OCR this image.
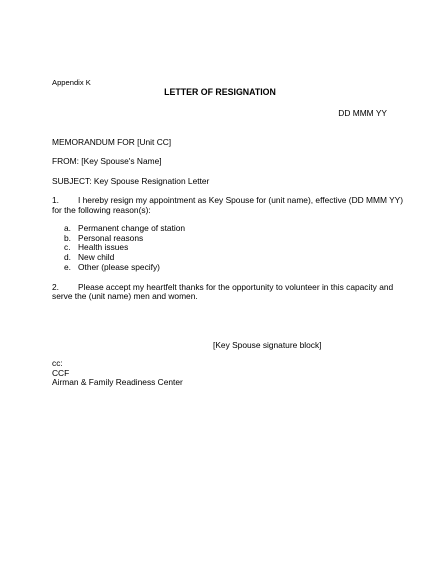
Appendix K

LETTER OF RESIGNATION

DD MMM YY

MEMORANDUM FOR [Unit CC]

FROM: [Key Spouse's Name]

SUBJECT: Key Spouse Resignation Letter

1. I hereby resign my appointment as Key Spouse for (unit name), effective (DD MMM YY)

for the following reason(s):

a. Permanent change of station
b. Personal reasons
c. Health issues
d. New child
e. Other (please specify)

2. Please accept my heartfelt thanks for the opportunity to volunteer in this capacity and

serve the (unit name) men and women.

[Key Spouse signature block]

cc:
CCF
Airman & Family Readiness Center
